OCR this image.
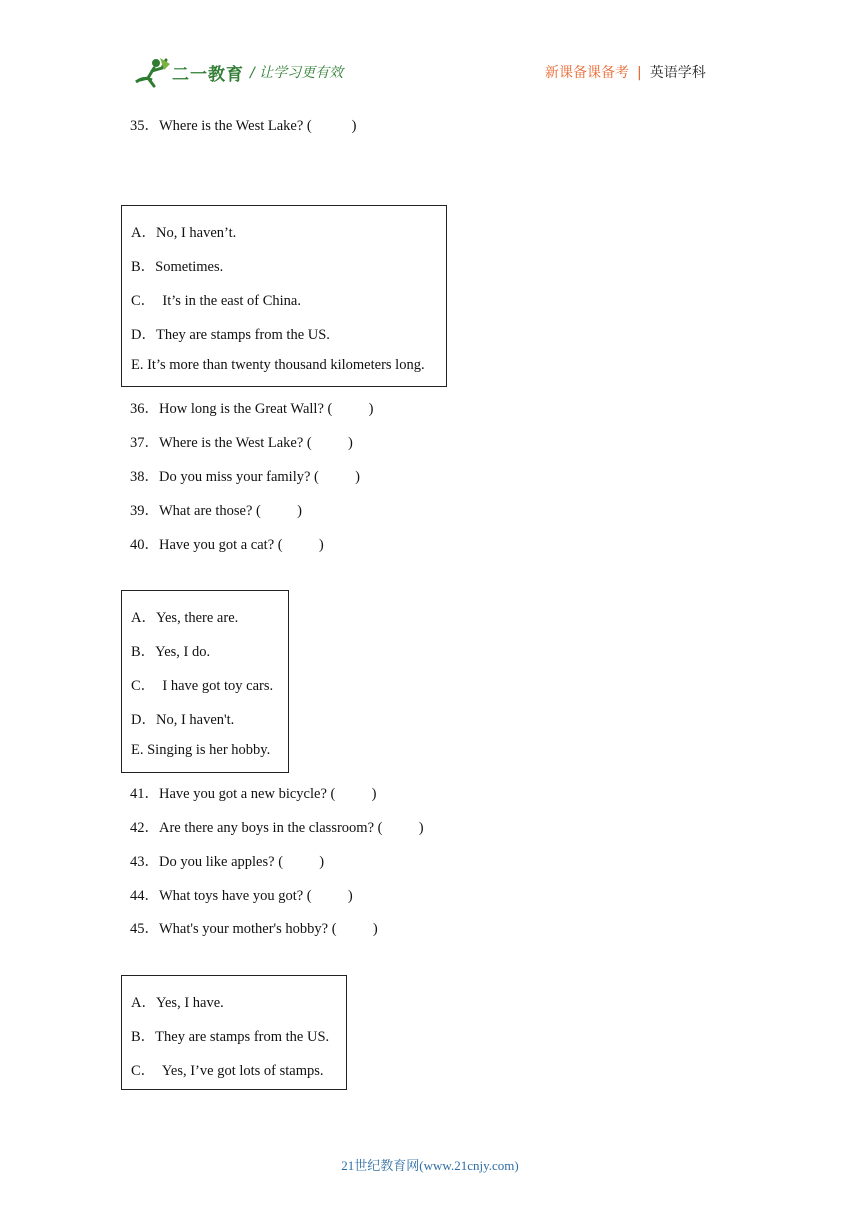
二一教育 / 让学习更有效	新课备课备考 | 英语学科
35．Where is the West Lake? (           )
A．No, I haven’t.
B．Sometimes.
C．  It’s in the east of China.
D．They are stamps from the US.
E. It’s more than twenty thousand kilometers long.
36．How long is the Great Wall? (          )
37．Where is the West Lake? (          )
38．Do you miss your family? (          )
39．What are those? (          )
40．Have you got a cat? (          )
A．Yes, there are.
B．Yes, I do.
C．  I have got toy cars.
D．No, I haven't.
E. Singing is her hobby.
41．Have you got a new bicycle? (          )
42．Are there any boys in the classroom? (          )
43．Do you like apples? (          )
44．What toys have you got? (          )
45．What's your mother's hobby? (          )
A．Yes, I have.
B．They are stamps from the US.
C．  Yes, I’ve got lots of stamps.
21世纪教育网(www.21cnjy.com)
